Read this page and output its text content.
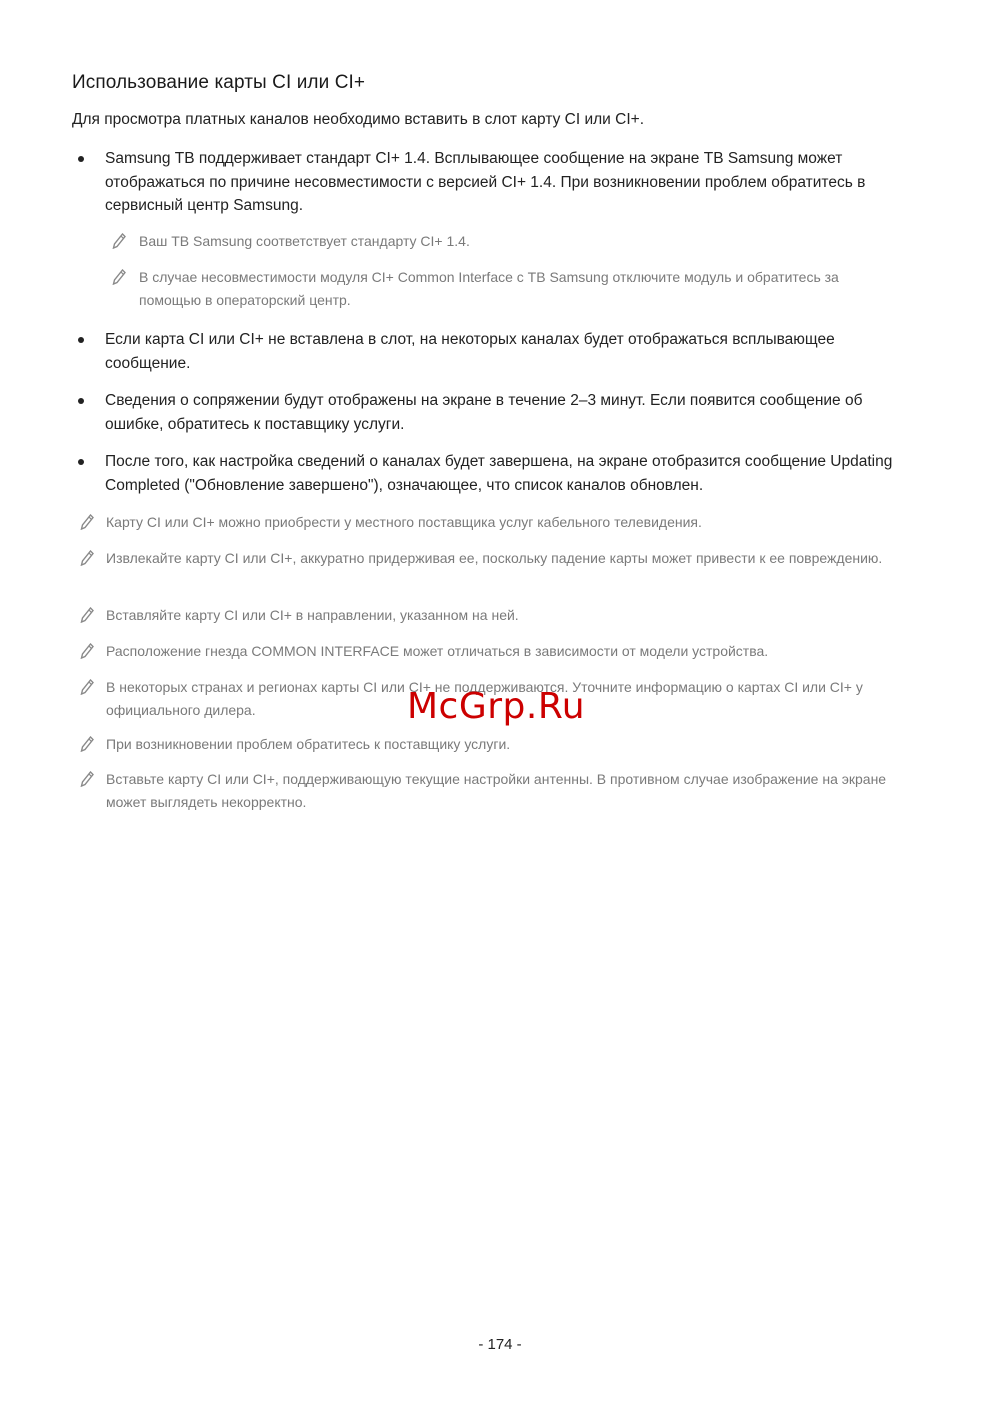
Использование карты CI или CI+

Для просмотра платных каналов необходимо вставить в слот карту CI или CI+.

Samsung ТВ поддерживает стандарт CI+ 1.4. Всплывающее сообщение на экране ТВ Samsung может отображаться по причине несовместимости с версией CI+ 1.4. При возникновении проблем обратитесь в сервисный центр Samsung.
Ваш ТВ Samsung соответствует стандарту CI+ 1.4.
В случае несовместимости модуля CI+ Common Interface с ТВ Samsung отключите модуль и обратитесь за помощью в операторский центр.
Если карта CI или CI+ не вставлена в слот, на некоторых каналах будет отображаться всплывающее сообщение.
Сведения о сопряжении будут отображены на экране в течение 2–3 минут. Если появится сообщение об ошибке, обратитесь к поставщику услуги.
После того, как настройка сведений о каналах будет завершена, на экране отобразится сообщение Updating Completed ("Обновление завершено"), означающее, что список каналов обновлен.
Карту CI или CI+ можно приобрести у местного поставщика услуг кабельного телевидения.
Извлекайте карту CI или CI+, аккуратно придерживая ее, поскольку падение карты может привести к ее повреждению.
Вставляйте карту CI или CI+ в направлении, указанном на ней.
Расположение гнезда COMMON INTERFACE может отличаться в зависимости от модели устройства.
В некоторых странах и регионах карты CI или CI+ не поддерживаются. Уточните информацию о картах CI или CI+ у официального дилера.
При возникновении проблем обратитесь к поставщику услуги.
Вставьте карту CI или CI+, поддерживающую текущие настройки антенны. В противном случае изображение на экране может выглядеть некорректно.
McGrp.Ru
- 174 -
